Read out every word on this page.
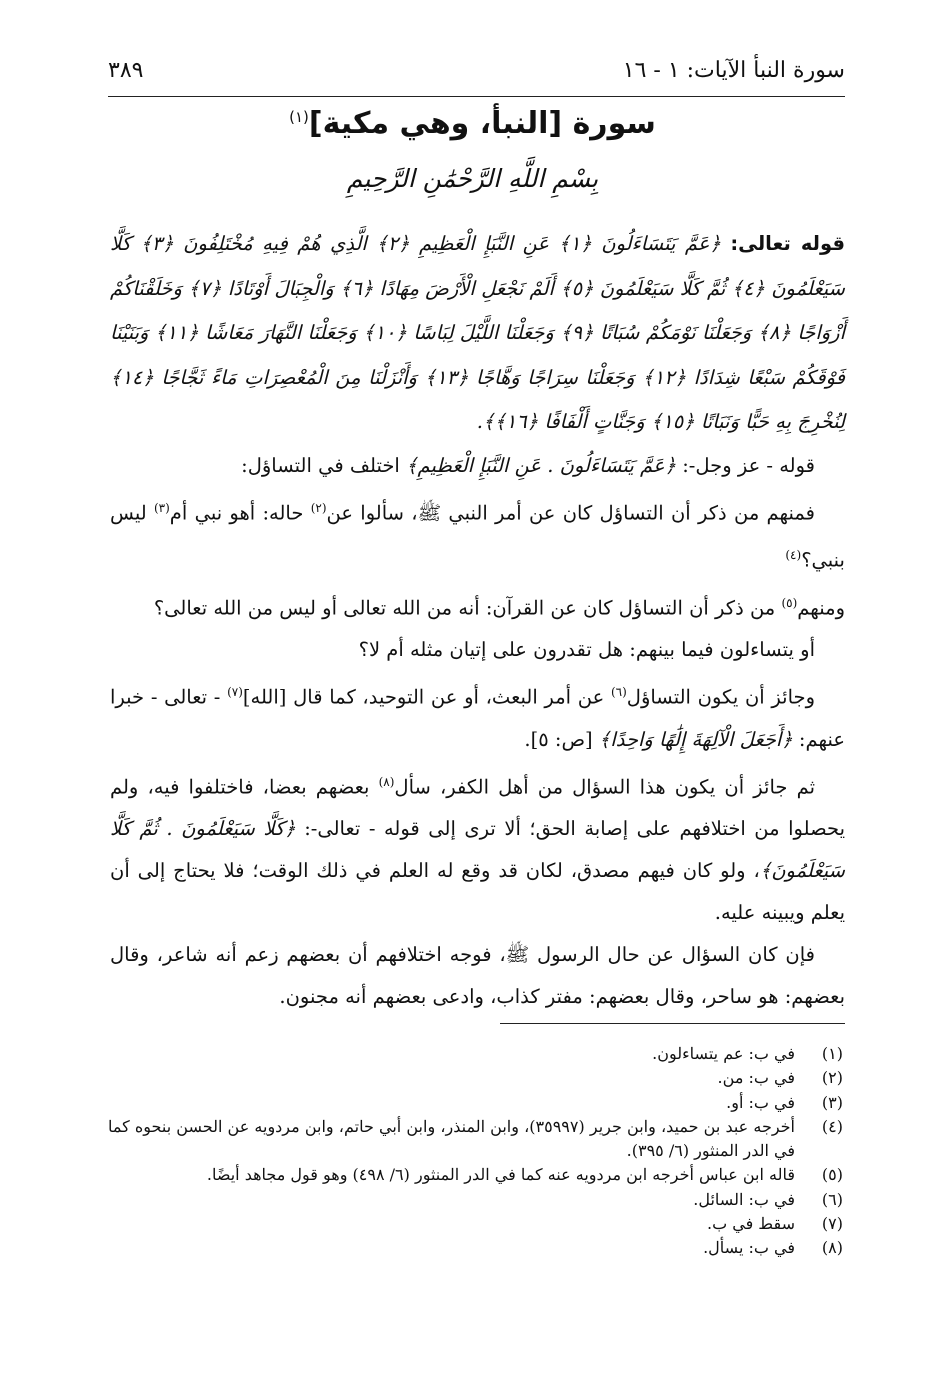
سورة النبأ الآيات: ١ - ١٦
٣٨٩
سورة [النبأ، وهي مكية]$^{(١)}$
بِسْمِ اللَّهِ الرَّحْمَٰنِ الرَّحِيمِ

قوله تعالى: ﴿عَمَّ يَتَسَاءَلُونَ ﴿١﴾ عَنِ النَّبَإِ الْعَظِيمِ ﴿٢﴾ الَّذِي هُمْ فِيهِ مُخْتَلِفُونَ ﴿٣﴾ كَلَّا سَيَعْلَمُونَ ﴿٤﴾ ثُمَّ كَلَّا سَيَعْلَمُونَ ﴿٥﴾ أَلَمْ نَجْعَلِ الْأَرْضَ مِهَادًا ﴿٦﴾ وَالْجِبَالَ أَوْتَادًا ﴿٧﴾ وَخَلَقْنَاكُمْ أَزْوَاجًا ﴿٨﴾ وَجَعَلْنَا نَوْمَكُمْ سُبَاتًا ﴿٩﴾ وَجَعَلْنَا اللَّيْلَ لِبَاسًا ﴿١٠﴾ وَجَعَلْنَا النَّهَارَ مَعَاشًا ﴿١١﴾ وَبَنَيْنَا فَوْقَكُمْ سَبْعًا شِدَادًا ﴿١٢﴾ وَجَعَلْنَا سِرَاجًا وَهَّاجًا ﴿١٣﴾ وَأَنْزَلْنَا مِنَ الْمُعْصِرَاتِ مَاءً ثَجَّاجًا ﴿١٤﴾ لِنُخْرِجَ بِهِ حَبًّا وَنَبَاتًا ﴿١٥﴾ وَجَنَّاتٍ أَلْفَافًا ﴿١٦﴾﴾.

قوله - عز وجل-: ﴿عَمَّ يَتَسَاءَلُونَ . عَنِ النَّبَإِ الْعَظِيمِ﴾ اختلف في التساؤل:

فمنهم من ذكر أن التساؤل كان عن أمر النبي ﷺ، سألوا عن$^{(٢)}$ حاله: أهو نبي أم$^{(٣)}$ ليس بنبي؟$^{(٤)}$

ومنهم$^{(٥)}$ من ذكر أن التساؤل كان عن القرآن: أنه من الله تعالى أو ليس من الله تعالى؟

أو يتساءلون فيما بينهم: هل تقدرون على إتيان مثله أم لا؟

وجائز أن يكون التساؤل$^{(٦)}$ عن أمر البعث، أو عن التوحيد، كما قال [الله]$^{(٧)}$ - تعالى - خبرا عنهم: ﴿أَجَعَلَ الْآلِهَةَ إِلَٰهًا وَاحِدًا﴾ [ص: ٥].

ثم جائز أن يكون هذا السؤال من أهل الكفر، سأل$^{(٨)}$ بعضهم بعضا، فاختلفوا فيه، ولم يحصلوا من اختلافهم على إصابة الحق؛ ألا ترى إلى قوله - تعالى-: ﴿كَلَّا سَيَعْلَمُونَ . ثُمَّ كَلَّا سَيَعْلَمُونَ﴾، ولو كان فيهم مصدق، لكان قد وقع له العلم في ذلك الوقت؛ فلا يحتاج إلى أن يعلم ويبينه عليه.

فإن كان السؤال عن حال الرسول ﷺ، فوجه اختلافهم أن بعضهم زعم أنه شاعر، وقال بعضهم: هو ساحر، وقال بعضهم: مفتر كذاب، وادعى بعضهم أنه مجنون.

(١)
في ب: عم يتساءلون.
(٢)
في ب: من.
(٣)
في ب: أو.
(٤)
أخرجه عبد بن حميد، وابن جرير (٣٥٩٩٧)، وابن المنذر، وابن أبي حاتم، وابن مردويه عن الحسن بنحوه كما في الدر المنثور (٦/ ٣٩٥).
(٥)
قاله ابن عباس أخرجه ابن مردويه عنه كما في الدر المنثور (٦/ ٤٩٨) وهو قول مجاهد أيضًا.
(٦)
في ب: السائل.
(٧)
سقط في ب.
(٨)
في ب: يسأل.
